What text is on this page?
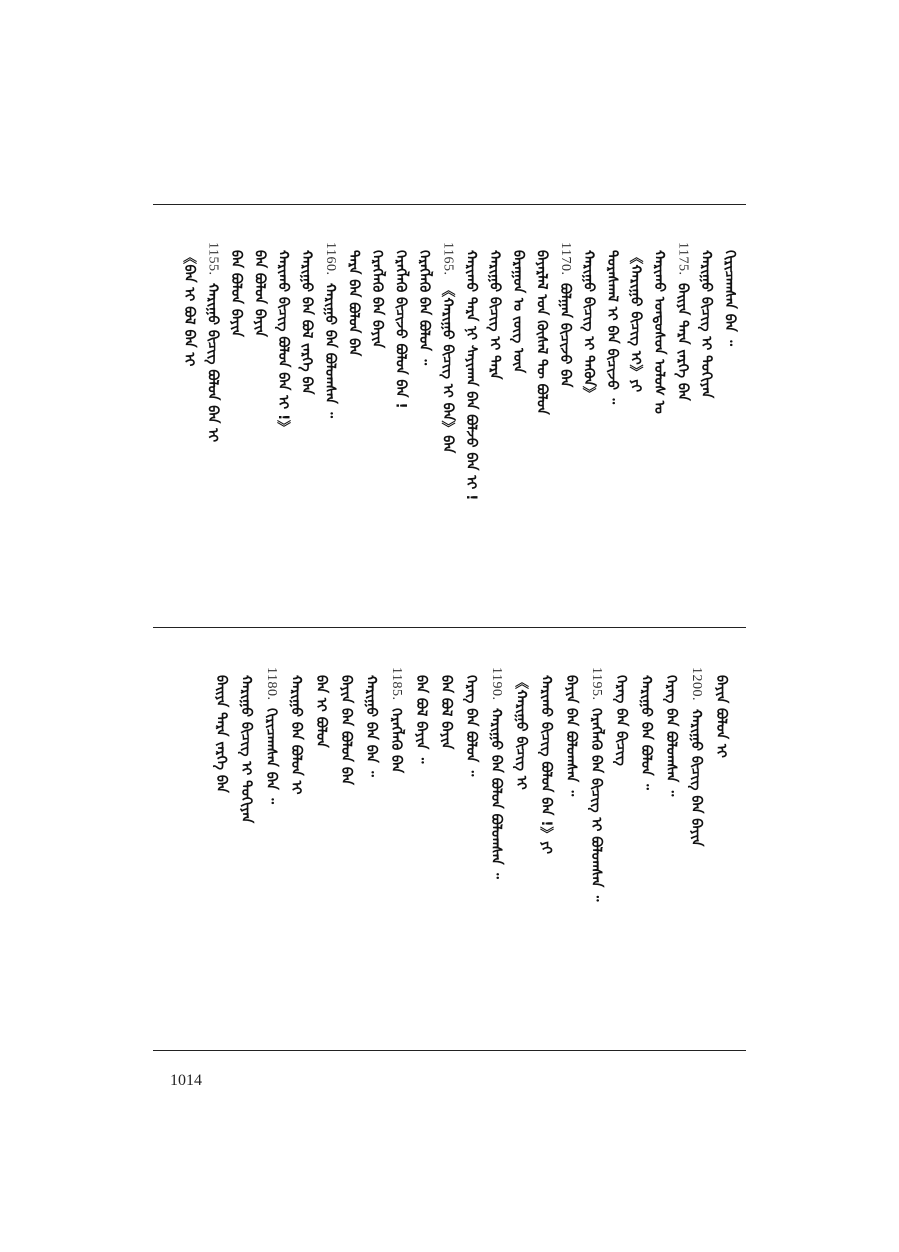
ᠬᠢᠷᠢᠴᠠᠭᠰᠠᠨ ᠪᠡᠨ ᠃
ᠬᠠᠷᠢᠭᠤ ᠪᠢᠴᠢᠭ ᠢ ᠳᠤᠬᠢᠶᠠᠨ
1175.
ᠪᠠᠢᠶᠠ ᠲᠡᠷᠡ ᠵᠡᠷᠭᠡ ᠪᠠᠨ
ᠬᠠᠷᠢᠬᠤ ᠤᠨᠳᠤᠰᠤᠨ ᠤᠯᠤᠰ ᠤ
《ᠬᠠᠷᠢᠭᠤ ᠪᠢᠴᠢᠭ ᠢ》ᠶᠢ
ᠳᠤᠷᠠᠰᠬᠠᠯ ᠢ ᠪᠡᠨ ᠪᠢᠴᠢᠵᠦ ᠃
ᠬᠠᠷᠢᠭᠤ ᠪᠢᠴᠢᠭ ᠢ ᠲᠡᠭᠦᠨ》
1170.
ᠪᠣᠯᠭᠠᠨ ᠪᠢᠴᠢᠵᠦ ᠪᠠᠨ
ᠪᠠᠶᠠᠷᠯᠠᠯ ᠤᠨ ᠬᠦᠰᠡᠯ ᠲᠦ ᠪᠤᠯᠤᠨ
ᠪᠠᠷᠠᠭᠤᠨ ᠤ ᠵᠦᠭ ᠦᠨ
ᠬᠠᠷᠢᠭᠤ ᠪᠢᠴᠢᠭ ᠢ ᠲᠡᠷᠡ
ᠬᠠᠷᠢᠬᠤ ᠲᠡᠷᠡ ᠨᠢ ᠰᠠᠶᠢᠬᠠᠨ ᠪᠠᠨ ᠪᠣᠯᠵᠤ ᠪᠠᠨ ᠢ !
1165.
《ᠬᠠᠷᠢᠭᠤ ᠪᠢᠴᠢᠭ ᠢ ᠪᠠᠨ》ᠪᠠᠨ
ᠬᠡᠷᠡᠭᠯᠡᠬᠦ ᠪᠠᠨ ᠪᠣᠯᠤᠨ ᠃
ᠬᠡᠷᠡᠭᠯᠡᠬᠦ ᠪᠢᠴᠢᠵᠦ ᠪᠣᠯᠤᠨ ᠪᠡᠨ !
ᠬᠡᠷᠡᠭᠯᠡᠬᠦ ᠪᠠᠨ ᠪᠠᠶᠢᠨ
ᠲᠡᠷᠡ ᠪᠠᠨ ᠪᠣᠯᠤᠨ ᠪᠠᠨ
1160.
ᠬᠠᠷᠢᠭᠤ ᠪᠠᠨ ᠪᠣᠯᠤᠭᠰᠠᠨ ᠃
ᠬᠠᠷᠢᠭᠤ ᠪᠠᠨ ᠪᠣᠯ ᠵᠡᠷᠭᠡ ᠪᠠᠨ
ᠬᠠᠷᠢᠬᠤ ᠪᠢᠴᠢᠭ ᠪᠣᠯᠤᠨ ᠪᠡᠨ ᠢ !》
ᠪᠠᠨ ᠪᠣᠯᠤᠨ ᠪᠠᠶᠢᠨ
ᠪᠠᠨ ᠪᠣᠯᠤᠨ ᠪᠠᠶᠢᠨ
1155.
ᠬᠠᠷᠢᠭᠤ ᠪᠢᠴᠢᠭ ᠪᠣᠯᠤᠨ ᠪᠡᠨ ᠢ
《ᠪᠠᠨ ᠢ ᠪᠣᠯ ᠪᠠᠨ ᠢ
ᠪᠠᠶᠢᠨ ᠪᠣᠯᠤᠨ ᠢ
1200.
ᠬᠠᠷᠢᠭᠤ ᠪᠢᠴᠢᠭ ᠪᠠᠨ ᠪᠠᠶᠢᠨ
ᠬᠡᠷᠡᠭ ᠪᠠᠨ ᠪᠣᠯᠤᠭᠰᠠᠨ ᠃
ᠬᠠᠷᠢᠭᠤ ᠪᠠᠨ ᠪᠣᠯᠤᠨ ᠃
ᠬᠡᠷᠡᠭ ᠪᠠᠨ ᠪᠢᠴᠢᠭ
1195.
ᠬᠡᠷᠡᠭᠯᠡᠬᠦ ᠪᠠᠨ ᠪᠢᠴᠢᠭ ᠢ ᠪᠣᠯᠤᠭᠰᠠᠨ ᠃
ᠪᠠᠶᠢᠨ ᠪᠠᠨ ᠪᠣᠯᠤᠭᠰᠠᠨ ᠃
ᠬᠠᠷᠢᠬᠤ ᠪᠢᠴᠢᠭ ᠪᠣᠯᠤᠨ ᠪᠡᠨ !》ᠶᠢ
《ᠬᠠᠷᠢᠭᠤ ᠪᠢᠴᠢᠭ ᠢ
1190.
ᠬᠠᠷᠢᠭᠤ ᠪᠠᠨ ᠪᠣᠯᠤᠨ ᠪᠣᠯᠤᠭᠰᠠᠨ ᠃
ᠬᠡᠷᠡᠭ ᠪᠠᠨ ᠪᠣᠯᠤᠨ ᠃
ᠪᠠᠨ ᠪᠣᠯ ᠪᠠᠶᠢᠨ
ᠪᠠᠨ ᠪᠣᠯ ᠪᠠᠶᠢᠨ ᠃
1185.
ᠬᠡᠷᠡᠭᠯᠡᠬᠦ ᠪᠠᠨ
ᠬᠠᠷᠢᠭᠤ ᠪᠠᠨ ᠪᠡᠨ ᠃
ᠪᠠᠶᠢᠨ ᠪᠠᠨ ᠪᠣᠯᠤᠨ ᠪᠠᠨ
ᠪᠠᠨ ᠢ ᠪᠣᠯᠤᠨ
ᠬᠠᠷᠢᠭᠤ ᠪᠠᠨ ᠪᠣᠯᠤᠨ ᠢ
1180.
ᠬᠢᠷᠢᠴᠠᠭᠰᠠᠨ ᠪᠡᠨ ᠃
ᠬᠠᠷᠢᠭᠤ ᠪᠢᠴᠢᠭ ᠢ ᠳᠤᠬᠢᠶᠠᠨ
ᠪᠠᠢᠶᠠ ᠲᠡᠷᠡ ᠵᠡᠷᠭᠡ ᠪᠠᠨ
1014
